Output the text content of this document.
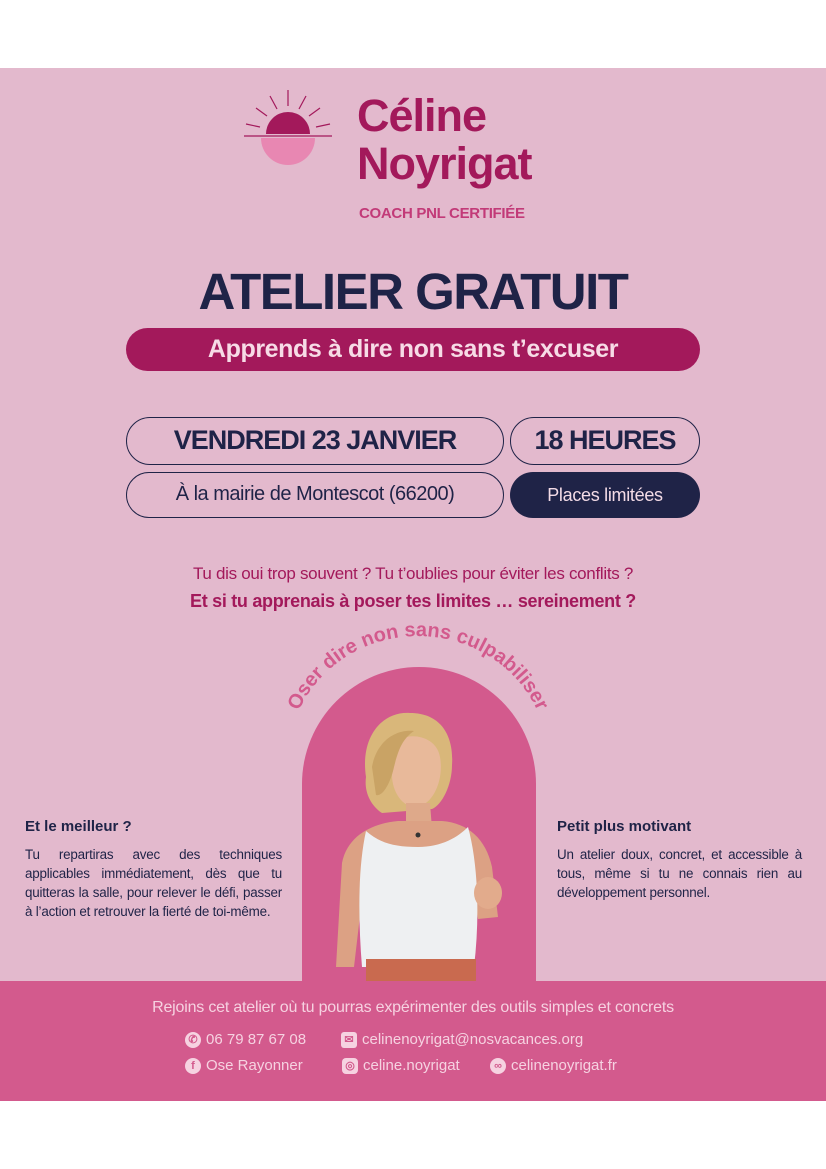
Céline
Noyrigat
COACH PNL CERTIFIÉE
ATELIER GRATUIT
Apprends à dire non sans t’excuser
VENDREDI 23 JANVIER	18 HEURES
À la mairie de Montescot (66200)	Places limitées
Tu dis oui trop souvent ? Tu t’oublies pour éviter les conflits ?
Et si tu apprenais à poser tes limites … sereinement ?
Oser dire non sans culpabiliser
Et le meilleur ?
Tu repartiras avec des techniques applicables immédiatement, dès que tu quitteras la salle, pour relever le défi, passer à l’action et retrouver la fierté de toi-même.
Petit plus motivant
Un atelier doux, concret, et accessible à tous, même si tu ne connais rien au développement personnel.
Rejoins cet atelier où tu pourras expérimenter des outils simples et concrets
✆ 06 79 87 67 08	✉ celinenoyrigat@nosvacances.org
f Ose Rayonner	◎ celine.noyrigat	∞ celinenoyrigat.fr
